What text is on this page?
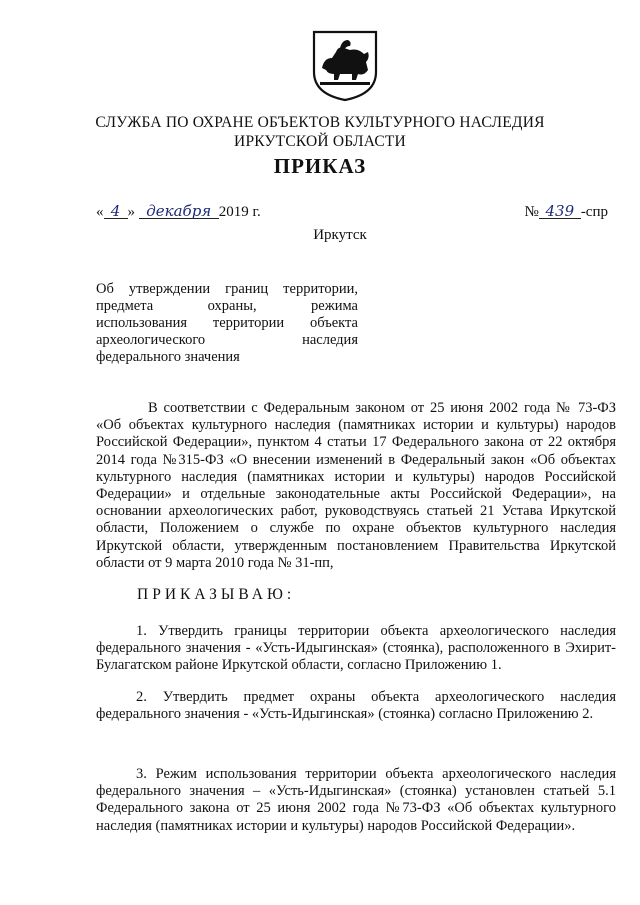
СЛУЖБА ПО ОХРАНЕ ОБЪЕКТОВ КУЛЬТУРНОГО НАСЛЕДИЯ
ИРКУТСКОЙ ОБЛАСТИ
ПРИКАЗ
« 4 » декабря 2019 г.	№ 439 -спр
Иркутск
Об утверждении границ территории,
предмета охраны, режима
использования территории объекта
археологического наследия
федерального значения
В соответствии с Федеральным законом от 25 июня 2002 года № 73-ФЗ «Об объектах культурного наследия (памятниках истории и культуры) народов Российской Федерации», пунктом 4 статьи 17 Федерального закона от 22 октября 2014 года №315-ФЗ «О внесении изменений в Федеральный закон «Об объектах культурного наследия (памятниках истории и культуры) народов Российской Федерации» и отдельные законодательные акты Российской Федерации», на основании археологических работ, руководствуясь статьей 21 Устава Иркутской области, Положением о службе по охране объектов культурного наследия Иркутской области, утвержденным постановлением Правительства Иркутской области от 9 марта 2010 года № 31-пп,
ПРИКАЗЫВАЮ:
1. Утвердить границы территории объекта археологического наследия федерального значения - «Усть-Идыгинская» (стоянка), расположенного в Эхирит-Булагатском районе Иркутской области, согласно Приложению 1.
2. Утвердить предмет охраны объекта археологического наследия федерального значения - «Усть-Идыгинская» (стоянка) согласно Приложению 2.
3. Режим использования территории объекта археологического наследия федерального значения – «Усть-Идыгинская» (стоянка) установлен статьей 5.1 Федерального закона от 25 июня 2002 года №73-ФЗ «Об объектах культурного наследия (памятниках истории и культуры) народов Российской Федерации».
